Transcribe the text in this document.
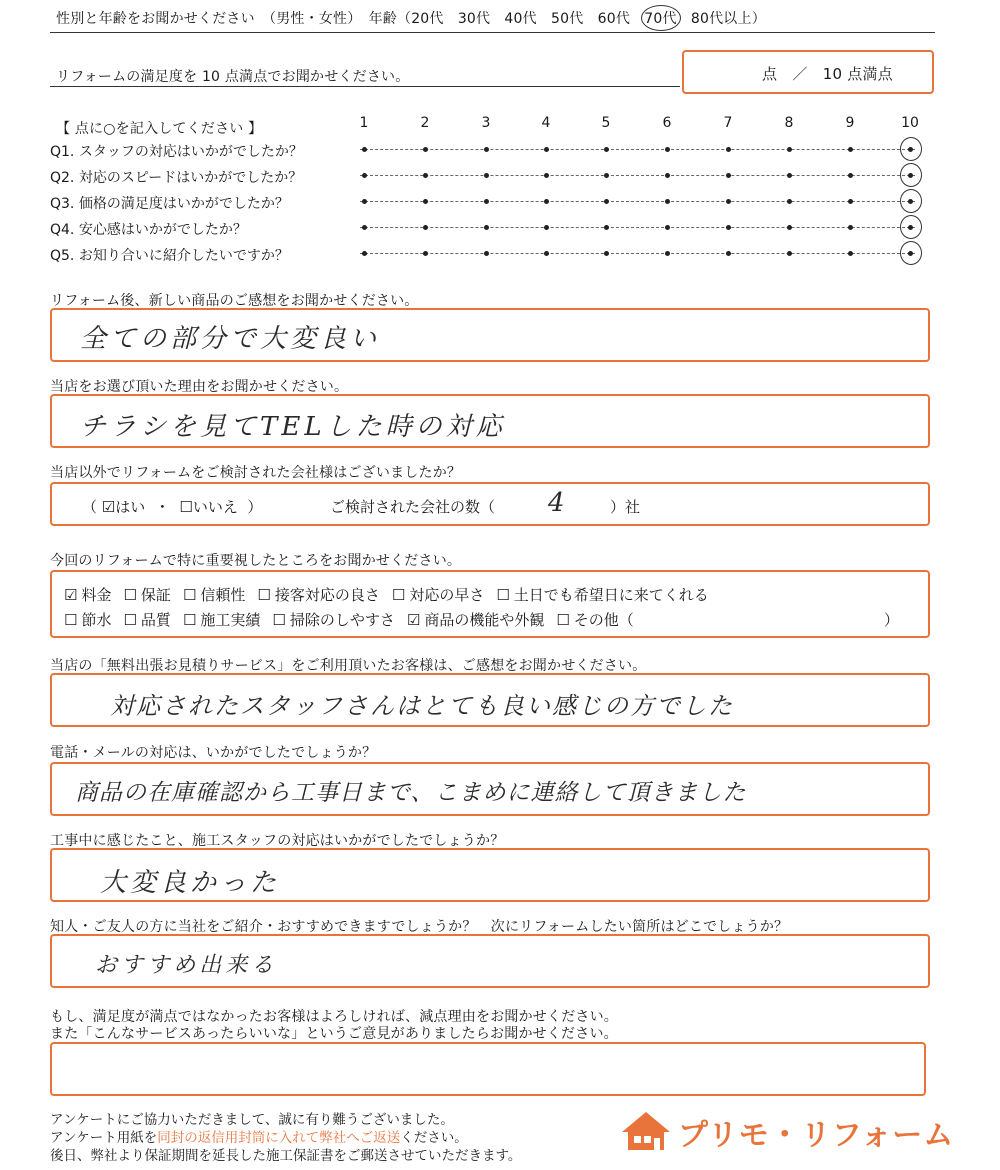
性別と年齢をお聞かせください　（男性・女性）　年齢（20代　30代　40代　50代　60代　70代　80代以上）
リフォームの満足度を 10 点満点でお聞かせください。	点　／　10 点満点
【 点に○を記入してください 】	1	2	3	4	5	6	7	8	9	10
Q1. スタッフの対応はいかがでしたか？
Q2. 対応のスピードはいかがでしたか？
Q3. 価格の満足度はいかがでしたか？
Q4. 安心感はいかがでしたか？
Q5. お知り合いに紹介したいですか？
リフォーム後、新しい商品のご感想をお聞かせください。
全ての部分で大変良い
当店をお選び頂いた理由をお聞かせください。
チラシを見てTELした時の対応
当店以外でリフォームをご検討された会社様はございましたか？
（ ☑はい ・ ☐いいえ ）	ご検討された会社の数（ 4	）社
今回のリフォームで特に重要視したところをお聞かせください。
☑ 料金 ☐ 保証 ☐ 信頼性 ☐ 接客対応の良さ ☐ 対応の早さ ☐ 土日でも希望日に来てくれる
☐ 節水 ☐ 品質 ☐ 施工実績 ☐ 掃除のしやすさ ☑ 商品の機能や外観 ☐ その他（	）
当店の「無料出張お見積りサービス」をご利用頂いたお客様は、ご感想をお聞かせください。
対応されたスタッフさんはとても良い感じの方でした
電話・メールの対応は、いかがでしたでしょうか？
商品の在庫確認から工事日まで、こまめに連絡して頂きました
工事中に感じたこと、施工スタッフの対応はいかがでしたでしょうか？
大変良かった
知人・ご友人の方に当社をご紹介・おすすめできますでしょうか？　次にリフォームしたい箇所はどこでしょうか？
おすすめ出来る
もし、満足度が満点ではなかったお客様はよろしければ、減点理由をお聞かせください。
また「こんなサービスあったらいいな」というご意見がありましたらお聞かせください。
アンケートにご協力いただきまして、誠に有り難うございました。
アンケート用紙を同封の返信用封筒に入れて弊社へご返送ください。
後日、弊社より保証期間を延長した施工保証書をご郵送させていただきます。
プリモ・リフォーム
